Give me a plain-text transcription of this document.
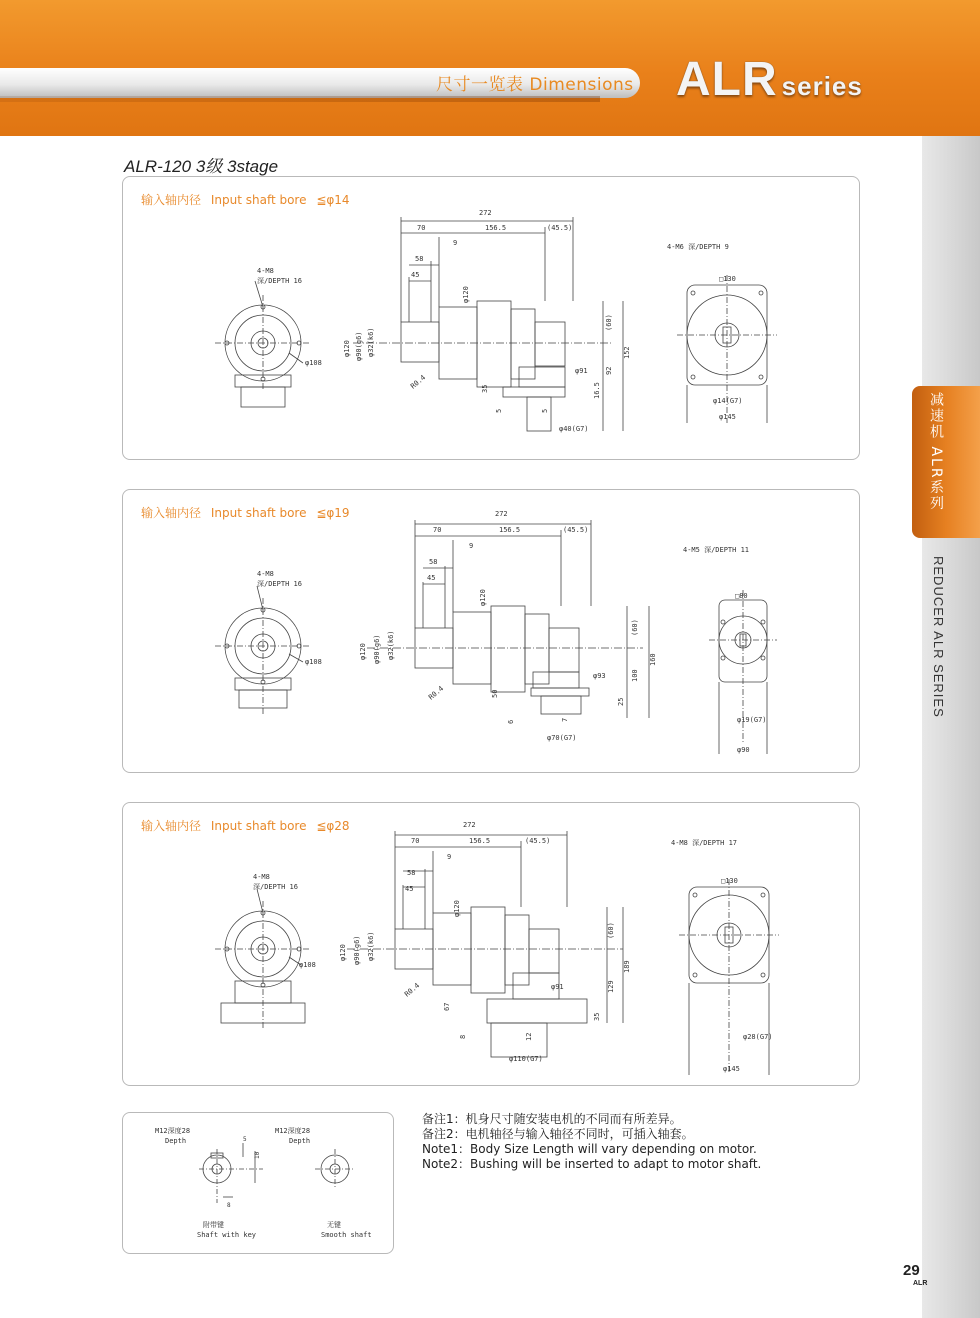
尺寸一览表 Dimensions ALR series
减速机 ALR系列
REDUCER ALR SERIES
ALR-120 3级 3stage
输入轴内径 Input shaft bore ≦φ14
4-M8
深/DEPTH 16
φ108
272
70	156.5	(45.5)
9
58
45
φ120
φ120 φ90(g6) φ32(k6)
R0.4
(60)
152
92
5	5
35	16.5
φ91
φ40(G7)
4-M6 深/DEPTH 9
□130
φ14(G7)
φ145
输入轴内径 Input shaft bore ≦φ19
4-M8
深/DEPTH 16
φ108
272
70	156.5	(45.5)
9
58
45
φ120
φ120 φ90(g6) φ32(k6)
R0.4
(60)
160
100
6	7
50
25
φ93
φ70(G7)
4-M5 深/DEPTH 11
□80
φ19(G7)
φ90
输入轴内径 Input shaft bore ≦φ28
4-M8
深/DEPTH 16
φ108
272
70	156.5	(45.5)
9
58
45
φ120
φ120 φ90(g6) φ32(k6)
R0.4
(60)
189
129
8	12
67
35
φ91
φ110(G7)
4-M8 深/DEPTH 17
□130
φ28(G7)
φ145
M12深度28
Depth	5
10
8
附带键
Shaft with key
M12深度28
Depth
无键
Smooth shaft
备注1：机身尺寸随安装电机的不同而有所差异。
备注2：电机轴径与输入轴径不同时，可插入轴套。
Note1：Body Size Length will vary depending on motor.
Note2：Bushing will be inserted to adapt to motor shaft.
29
ALR
